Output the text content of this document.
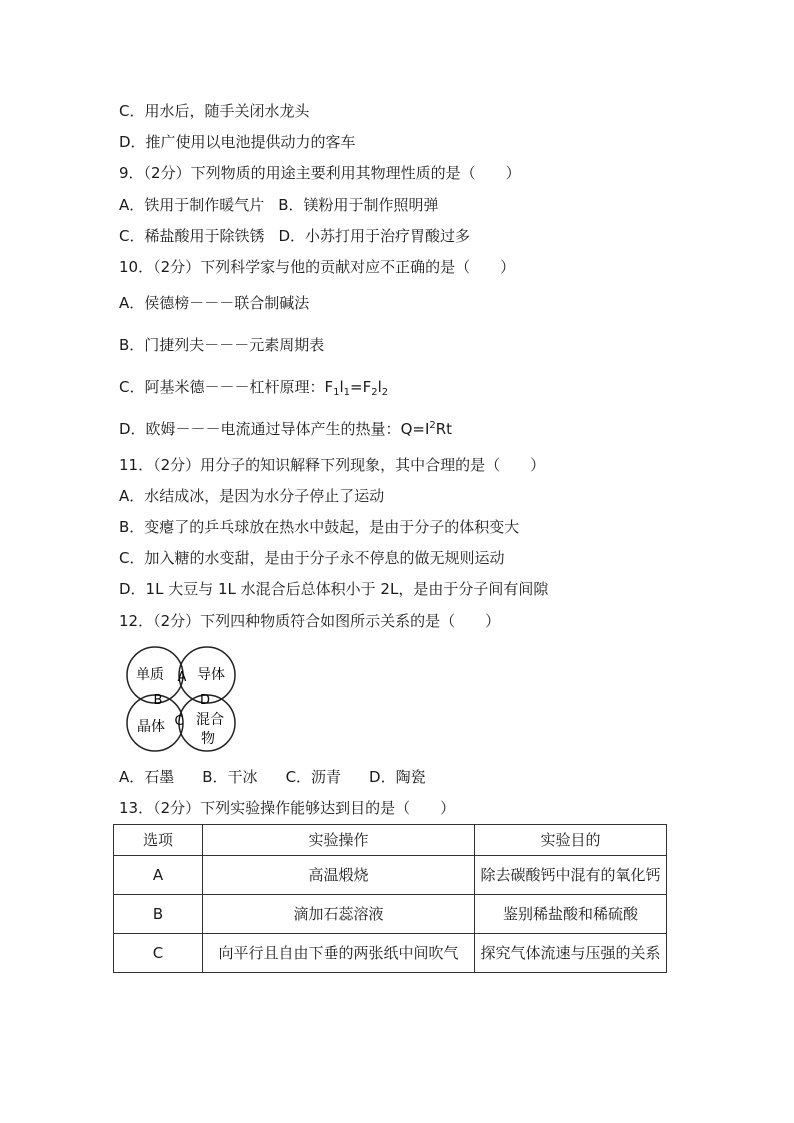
C．用水后，随手关闭水龙头
D．推广使用以电池提供动力的客车
9．（2分）下列物质的用途主要利用其物理性质的是（　　）
A．铁用于制作暖气片 B．镁粉用于制作照明弹
C．稀盐酸用于除铁锈 D．小苏打用于治疗胃酸过多
10．（2分）下列科学家与他的贡献对应不正确的是（　　）
A．侯德榜－－－联合制碱法
B．门捷列夫－－－元素周期表
C．阿基米德－－－杠杆原理：$F_1l_1=F_2l_2$
D．欧姆－－－电流通过导体产生的热量：$Q=I^2Rt$
11．（2分）用分子的知识解释下列现象，其中合理的是（　　）
A．水结成冰，是因为水分子停止了运动
B．变瘪了的乒乓球放在热水中鼓起，是由于分子的体积变大
C．加入糖的水变甜，是由于分子永不停息的做无规则运动
D．1L 大豆与 1L 水混合后总体积小于 2L，是由于分子间有间隙
12．（2分）下列四种物质符合如图所示关系的是（　　）
单质 导体
晶体 混合
物
A
B
C
D
A．石墨 B．干冰 C．沥青 D．陶瓷
13．（2分）下列实验操作能够达到目的是（　　）
选项	实验操作	实验目的
A	高温煅烧	除去碳酸钙中混有的氧化钙
B	滴加石蕊溶液	鉴别稀盐酸和稀硫酸
C	向平行且自由下垂的两张纸中间吹气	探究气体流速与压强的关系
